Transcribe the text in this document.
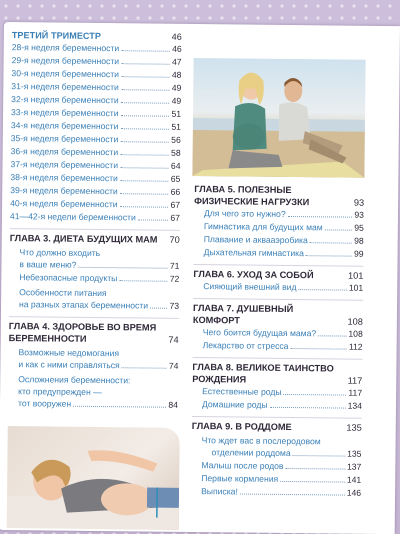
ТРЕТИЙ ТРИМЕСТР	46
28-я неделя беременности	46
29-я неделя беременности	47
30-я неделя беременности	48
31-я неделя беременности	49
32-я неделя беременности	49
33-я неделя беременности	51
34-я неделя беременности	51
35-я неделя беременности	56
36-я неделя беременности	58
37-я неделя беременности	64
38-я неделя беременности	65
39-я неделя беременности	66
40-я неделя беременности	67
41—42-я недели беременности	67
ГЛАВА 3. ДИЕТА БУДУЩИХ МАМ 70
Что должно входить
в ваше меню?	71
Небезопасные продукты	72
Особенности питания
на разных этапах беременности 73
ГЛАВА 4. ЗДОРОВЬЕ ВО ВРЕМЯ
БЕРЕМЕННОСТИ	74
Возможные недомогания
и как с ними справляться	74
Осложнения беременности:
кто предупрежден —
тот вооружен	84
ГЛАВА 5. ПОЛЕЗНЫЕ
ФИЗИЧЕСКИЕ НАГРУЗКИ	93
Для чего это нужно?	93
Гимнастика для будущих мам	95
Плавание и аквааэробика	98
Дыхательная гимнастика	99
ГЛАВА 6. УХОД ЗА СОБОЙ	101
Сияющий внешний вид	101
ГЛАВА 7. ДУШЕВНЫЙ
КОМФОРТ	108
Чего боится будущая мама?	108
Лекарство от стресса	112
ГЛАВА 8. ВЕЛИКОЕ ТАИНСТВО
РОЖДЕНИЯ	117
Естественные роды	117
Домашние роды	134
ГЛАВА 9. В РОДДОМЕ	135
Что ждет вас в послеродовом
отделении роддома	135
Малыш после родов	137
Первые кормления	141
Выписка!	146
